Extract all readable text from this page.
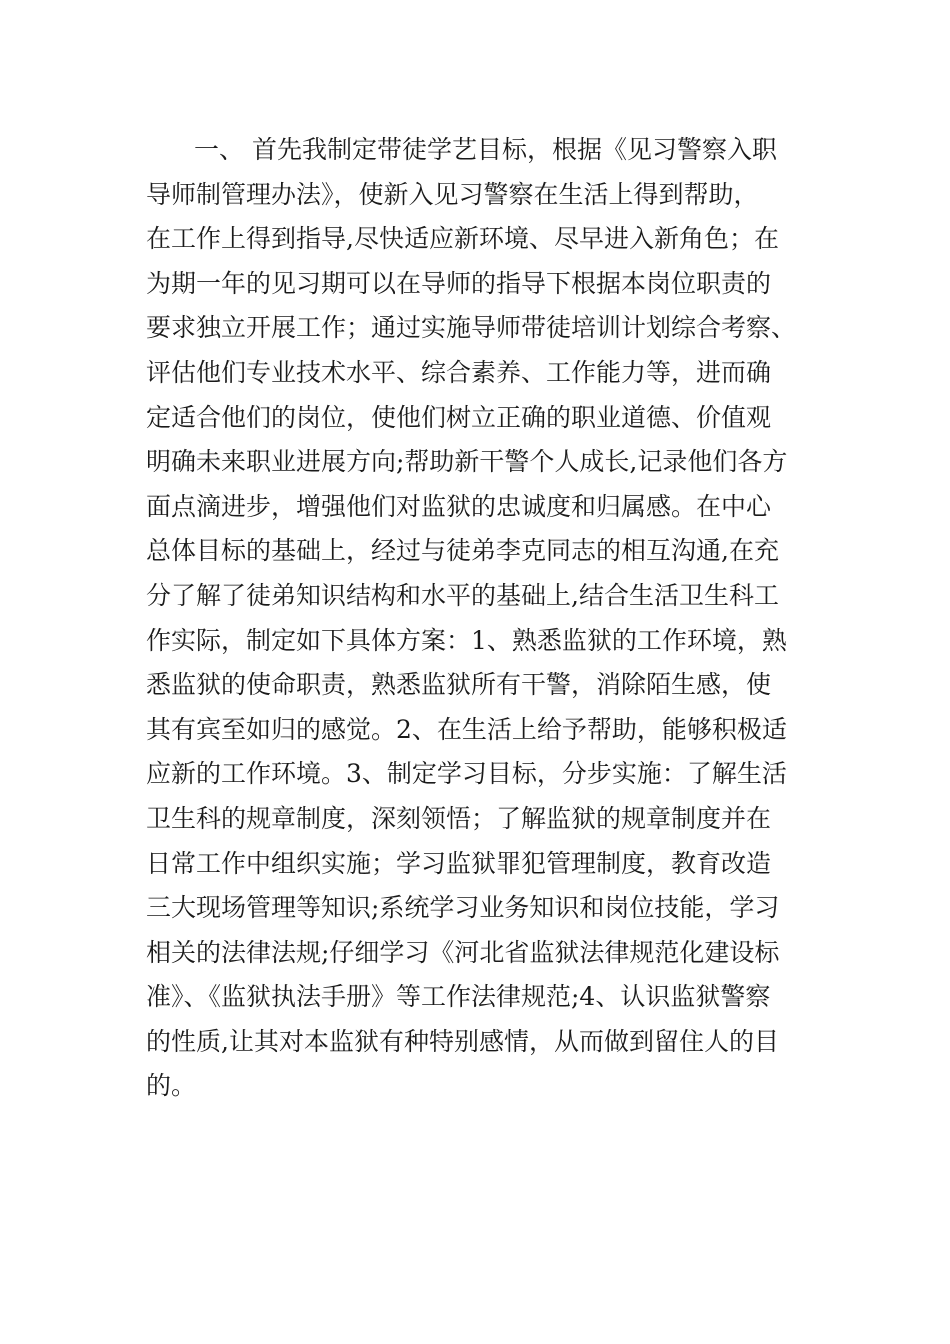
一、 首先我制定带徒学艺目标，根据《见习警察入职
导师制管理办法》，使新入见习警察在生活上得到帮助，
在工作上得到指导,尽快适应新环境、尽早进入新角色；在
为期一年的见习期可以在导师的指导下根据本岗位职责的
要求独立开展工作；通过实施导师带徒培训计划综合考察、
评估他们专业技术水平、综合素养、工作能力等，进而确
定适合他们的岗位，使他们树立正确的职业道德、价值观
明确未来职业进展方向;帮助新干警个人成长,记录他们各方
面点滴进步，增强他们对监狱的忠诚度和归属感。在中心
总体目标的基础上，经过与徒弟李克同志的相互沟通,在充
分了解了徒弟知识结构和水平的基础上,结合生活卫生科工
作实际，制定如下具体方案：1、熟悉监狱的工作环境，熟
悉监狱的使命职责，熟悉监狱所有干警，消除陌生感，使
其有宾至如归的感觉。2、在生活上给予帮助，能够积极适
应新的工作环境。3、制定学习目标，分步实施：了解生活
卫生科的规章制度，深刻领悟；了解监狱的规章制度并在
日常工作中组织实施；学习监狱罪犯管理制度，教育改造
三大现场管理等知识;系统学习业务知识和岗位技能，学习
相关的法律法规;仔细学习《河北省监狱法律规范化建设标
准》、《监狱执法手册》等工作法律规范;4、认识监狱警察
的性质,让其对本监狱有种特别感情，从而做到留住人的目
的。
